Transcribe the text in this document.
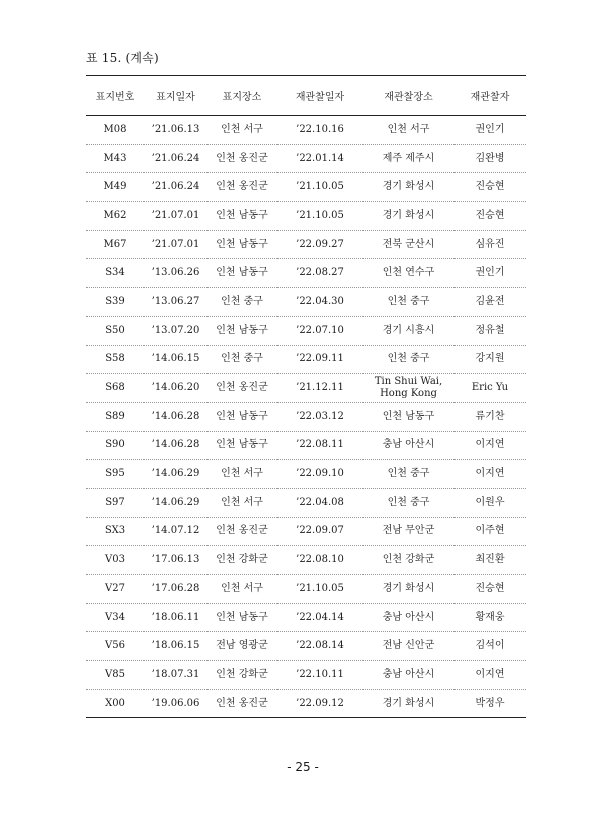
표 15. (계속)
표지번호	표지일자	표지장소	재관찰일자	재관찰장소	재관찰자
M08	’21.06.13	인천 서구	’22.10.16	인천 서구	권인기
M43	’21.06.24	인천 옹진군	’22.01.14	제주 제주시	김완병
M49	’21.06.24	인천 옹진군	’21.10.05	경기 화성시	진승현
M62	’21.07.01	인천 남동구	’21.10.05	경기 화성시	진승현
M67	’21.07.01	인천 남동구	’22.09.27	전북 군산시	심유진
S34	’13.06.26	인천 남동구	’22.08.27	인천 연수구	권인기
S39	’13.06.27	인천 중구	’22.04.30	인천 중구	김윤전
S50	’13.07.20	인천 남동구	’22.07.10	경기 시흥시	정유철
S58	’14.06.15	인천 중구	’22.09.11	인천 중구	강지원
S68	’14.06.20	인천 옹진군	’21.12.11	Tin Shui Wai, Hong Kong	Eric Yu
S89	’14.06.28	인천 남동구	’22.03.12	인천 남동구	류기찬
S90	’14.06.28	인천 남동구	’22.08.11	충남 아산시	이지연
S95	’14.06.29	인천 서구	’22.09.10	인천 중구	이지연
S97	’14.06.29	인천 서구	’22.04.08	인천 중구	이원우
SX3	’14.07.12	인천 옹진군	’22.09.07	전남 무안군	이주현
V03	’17.06.13	인천 강화군	’22.08.10	인천 강화군	최진환
V27	’17.06.28	인천 서구	’21.10.05	경기 화성시	진승현
V34	’18.06.11	인천 남동구	’22.04.14	충남 아산시	황재웅
V56	’18.06.15	전남 영광군	’22.08.14	전남 신안군	김석이
V85	’18.07.31	인천 강화군	’22.10.11	충남 아산시	이지연
X00	’19.06.06	인천 옹진군	’22.09.12	경기 화성시	박정우
- 25 -
